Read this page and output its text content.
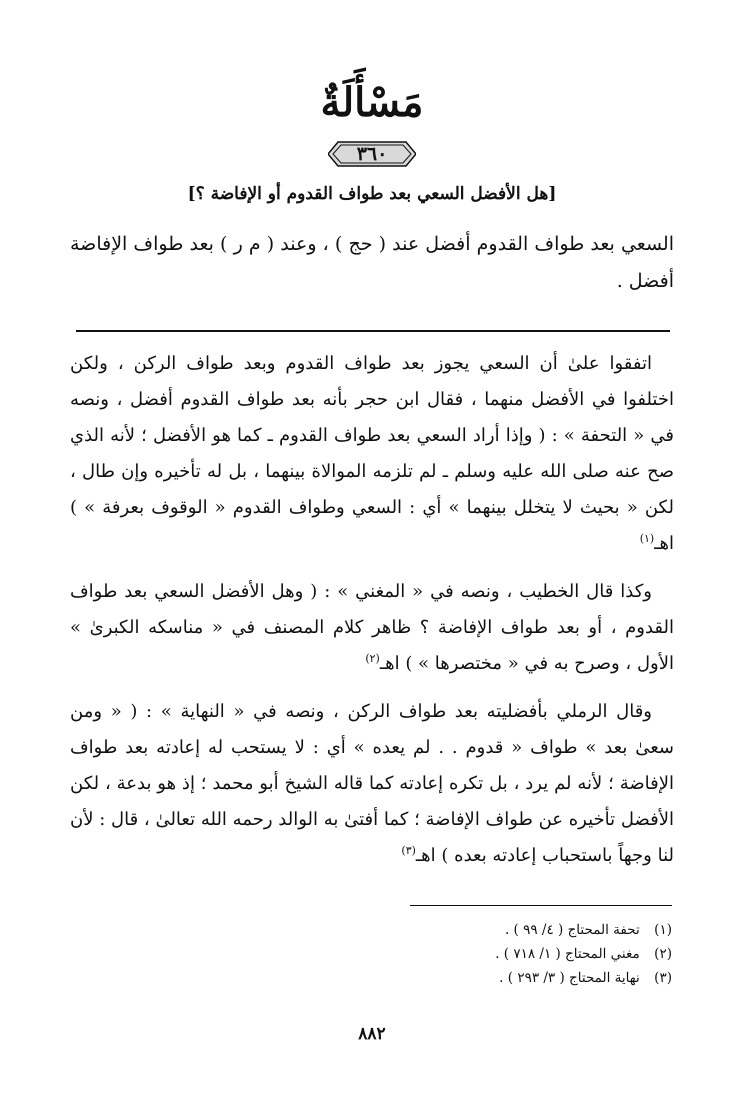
مَسْأَلَةٌ
٣٦٠
[هل الأفضل السعي بعد طواف القدوم أو الإفاضة ؟]
السعي بعد طواف القدوم أفضل عند ( حج ) ، وعند ( م ر ) بعد طواف الإفاضة أفضل .

اتفقوا علىٰ أن السعي يجوز بعد طواف القدوم وبعد طواف الركن ، ولكن اختلفوا في الأفضل منهما ، فقال ابن حجر بأنه بعد طواف القدوم أفضل ، ونصه في « التحفة » : ( وإذا أراد السعي بعد طواف القدوم ـ كما هو الأفضل ؛ لأنه الذي صح عنه صلى الله عليه وسلم ـ لم تلزمه الموالاة بينهما ، بل له تأخيره وإن طال ، لكن « بحيث لا يتخلل بينهما » أي : السعي وطواف القدوم « الوقوف بعرفة » ) اهـ$^{(١)}$

وكذا قال الخطيب ، ونصه في « المغني » : ( وهل الأفضل السعي بعد طواف القدوم ، أو بعد طواف الإفاضة ؟ ظاهر كلام المصنف في « مناسكه الكبرىٰ » الأول ، وصرح به في « مختصرها » ) اهـ$^{(٢)}$

وقال الرملي بأفضليته بعد طواف الركن ، ونصه في « النهاية » : ( « ومن سعىٰ بعد » طواف « قدوم . . لم يعده » أي : لا يستحب له إعادته بعد طواف الإفاضة ؛ لأنه لم يرد ، بل تكره إعادته كما قاله الشيخ أبو محمد ؛ إذ هو بدعة ، لكن الأفضل تأخيره عن طواف الإفاضة ؛ كما أفتىٰ به الوالد رحمه الله تعالىٰ ، قال : لأن لنا وجهاً باستحباب إعادته بعده ) اهـ$^{(٣)}$

(١) تحفة المحتاج ( ٤/ ٩٩ ) .
(٢) مغني المحتاج ( ١/ ٧١٨ ) .
(٣) نهاية المحتاج ( ٣/ ٢٩٣ ) .
٨٨٢
